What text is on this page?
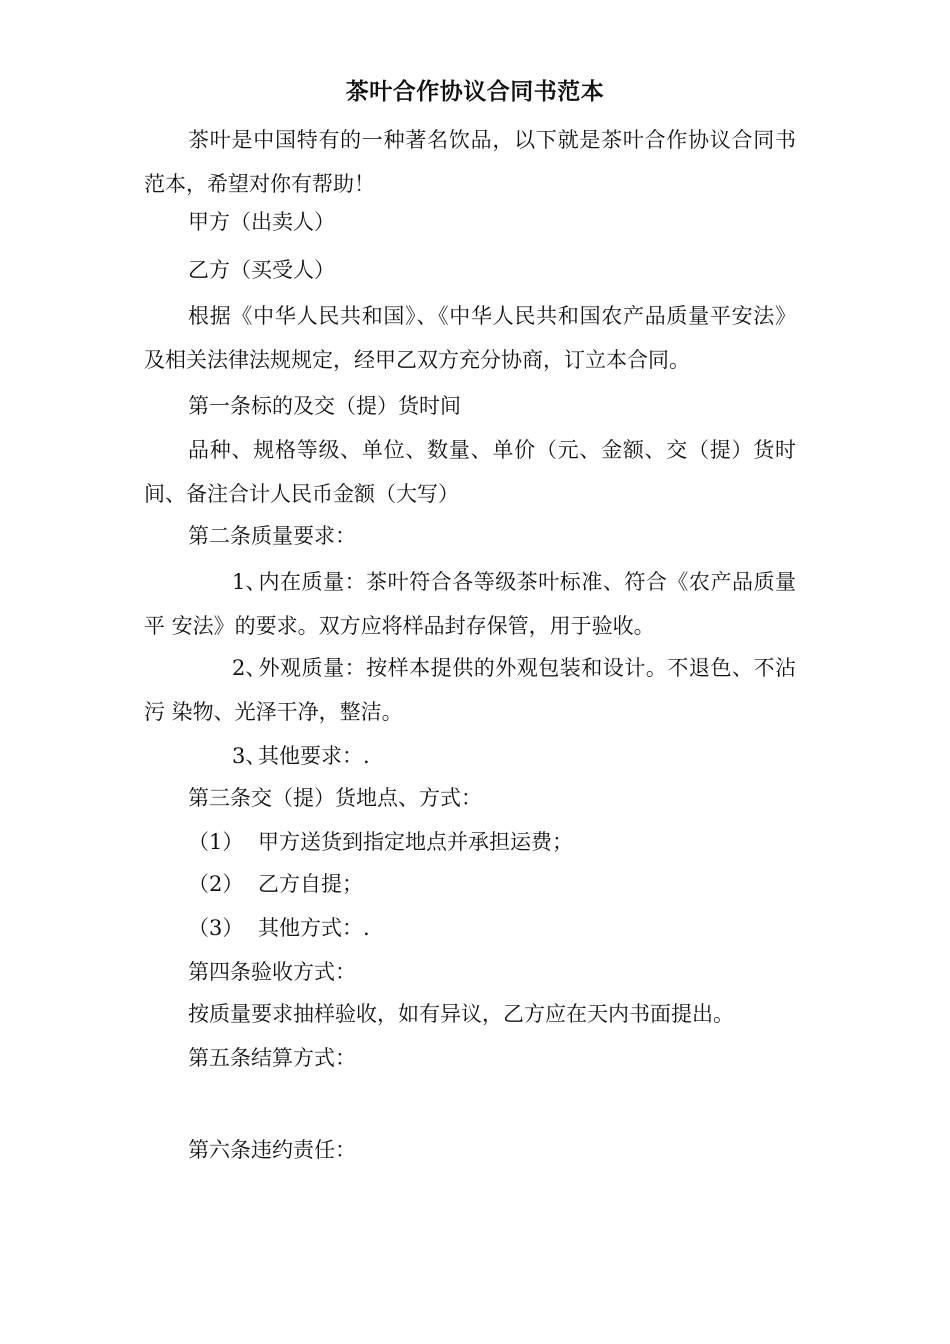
茶叶合作协议合同书范本

茶叶是中国特有的一种著名饮品，以下就是茶叶合作协议合同书范本，希望对你有帮助！

甲方（出卖人）

乙方（买受人）

根据《中华人民共和国》、《中华人民共和国农产品质量平安法》及相关法律法规规定，经甲乙双方充分协商，订立本合同。

第一条标的及交（提）货时间

品种、规格等级、单位、数量、单价（元、金额、交（提）货时 间、备注合计人民币金额（大写）

第二条质量要求：

1、内在质量：茶叶符合各等级茶叶标准、符合《农产品质量平 安法》的要求。双方应将样品封存保管，用于验收。

2、外观质量：按样本提供的外观包装和设计。不退色、不沾污 染物、光泽干净，整洁。

3、其他要求：.

第三条交（提）货地点、方式：

（1） 甲方送货到指定地点并承担运费；

（2） 乙方自提；

（3） 其他方式：.

第四条验收方式：

按质量要求抽样验收，如有异议，乙方应在天内书面提出。

第五条结算方式：

第六条违约责任：
